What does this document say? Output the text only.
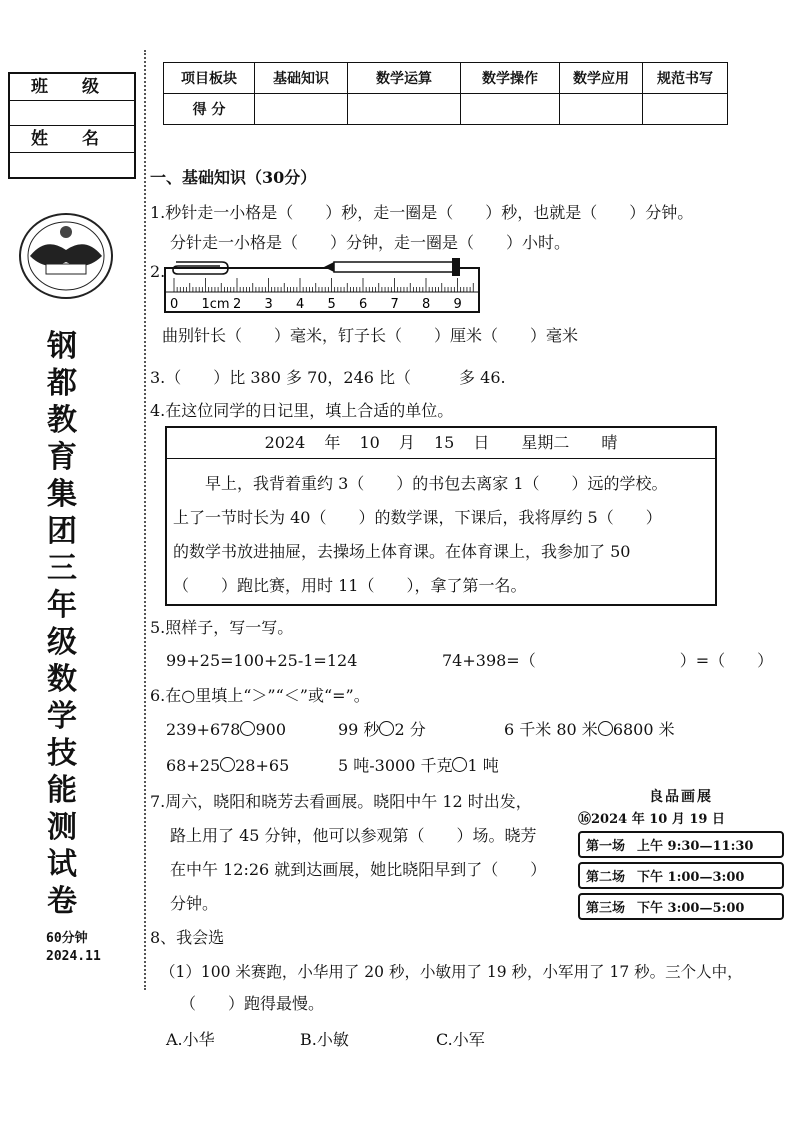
班 级
姓 名
钢
都
教
育
集
团
三
年
级
数
学
技
能
测
试
卷
60分钟
2024.11
项目板块	基础知识	数学运算	数学操作	数学应用	规范书写
得 分					
一、基础知识（30分）
1.秒针走一小格是（　　）秒，走一圈是（　　）秒，也就是（　　）分钟。
分针走一小格是（　　）分钟，走一圈是（　　）小时。
2.
0 1cm 2 3 4 5 6 7 8 9
曲别针长（　　）毫米，钉子长（　　）厘米（　　）毫米
3.（　　）比 380 多 70，246 比（　　　多 46.
4.在这位同学的日记里，填上合适的单位。
2024 年 10 月 15 日　　星期二　　晴
早上，我背着重约 3（　　）的书包去离家 1（　　）远的学校。
上了一节时长为 40（　　）的数学课，下课后，我将厚约 5（　　）
的数学书放进抽屉，去操场上体育课。在体育课上，我参加了 50
（　　）跑比赛，用时 11（　　），拿了第一名。
5.照样子，写一写。
99+25=100+25-1=124	74+398=（　　　　　　　　　）=（　　）
6.在○里填上“＞”“＜”或“=”。
239+678 900	99 秒 2 分	6 千米 80 米 6800 米
68+25 28+65	5 吨-3000 千克 1 吨
7.周六，晓阳和晓芳去看画展。晓阳中午 12 时出发，
路上用了 45 分钟，他可以参观第（　　）场。晓芳
在中午 12:26 就到达画展，她比晓阳早到了（　　）
分钟。
良品画展
⑯2024 年 10 月 19 日
第一场 上午 9:30—11:30
第二场 下午 1:00—3:00
第三场 下午 3:00—5:00
8、我会选
（1）100 米赛跑，小华用了 20 秒，小敏用了 19 秒，小军用了 17 秒。三个人中，
（　　）跑得最慢。
A.小华	B.小敏	C.小军
